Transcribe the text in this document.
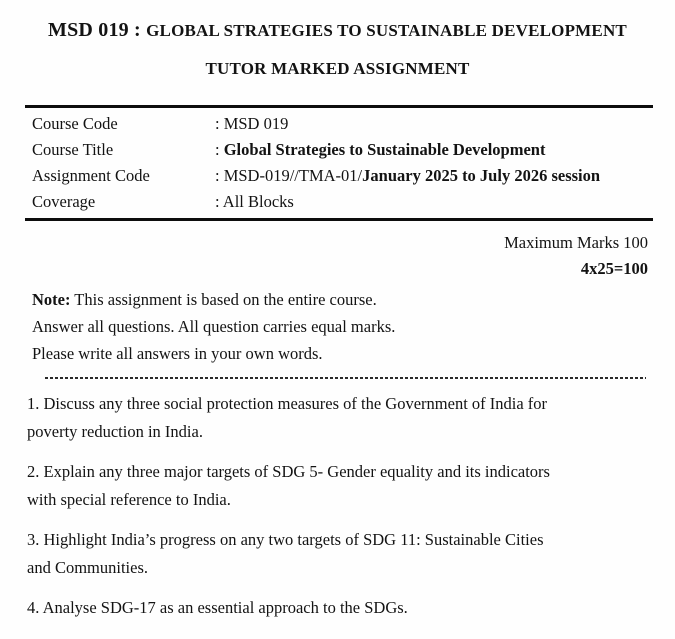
MSD 019 : GLOBAL STRATEGIES TO SUSTAINABLE DEVELOPMENT
TUTOR MARKED ASSIGNMENT
Course Code	: MSD 019
Course Title	: Global Strategies to Sustainable Development
Assignment Code	: MSD-019//TMA-01/January 2025 to July 2026 session
Coverage	: All Blocks
Maximum Marks 100
4x25=100

Note: This assignment is based on the entire course.

Answer all questions. All question carries equal marks.

Please write all answers in your own words.

1. Discuss any three social protection measures of the Government of India for
poverty reduction in India.

2. Explain any three major targets of SDG 5- Gender equality and its indicators
with special reference to India.

3. Highlight India’s progress on any two targets of SDG 11: Sustainable Cities
and Communities.

4. Analyse SDG-17 as an essential approach to the SDGs.
